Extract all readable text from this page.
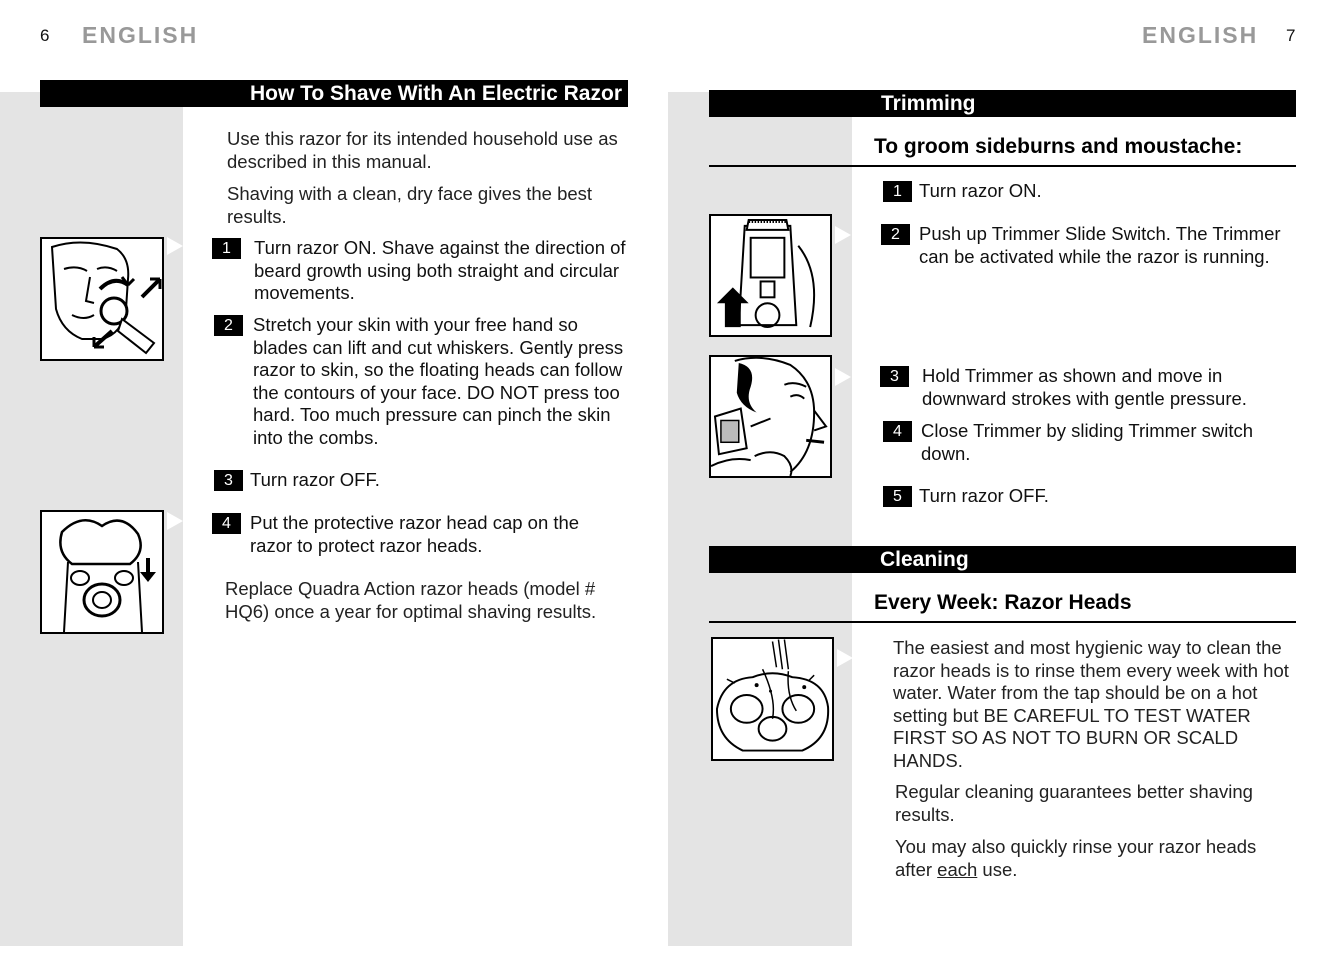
6 ENGLISH
How To Shave With An Electric Razor
Use this razor for its intended household use as described in this manual.
Shaving with a clean, dry face gives the best results.
1	Turn razor ON. Shave against the direction of beard growth using both straight and circular movements.
2	Stretch your skin with your free hand so blades can lift and cut whiskers. Gently press razor to skin, so the floating heads can follow the contours of your face. DO NOT press too hard. Too much pressure can pinch the skin into the combs.
3 Turn razor OFF.
4	Put the protective razor head cap on the razor to protect razor heads.
Replace Quadra Action razor heads (model # HQ6) once a year for optimal shaving results.
ENGLISH 7
Trimming
To groom sideburns and moustache:
1 Turn razor ON.
2	Push up Trimmer Slide Switch. The Trimmer can be activated while the razor is running.
3	Hold Trimmer as shown and move in downward strokes with gentle pressure.
4	Close Trimmer by sliding Trimmer switch down.
5 Turn razor OFF.
Cleaning
Every Week: Razor Heads
The easiest and most hygienic way to clean the razor heads is to rinse them every week with hot water. Water from the tap should be on a hot setting but BE CAREFUL TO TEST WATER FIRST SO AS NOT TO BURN OR SCALD HANDS.
Regular cleaning guarantees better shaving results.
You may also quickly rinse your razor heads after each use.
